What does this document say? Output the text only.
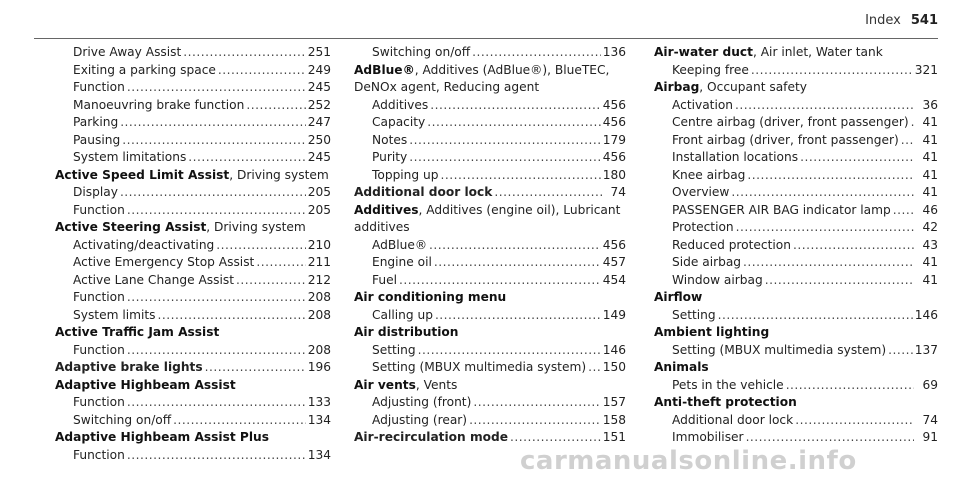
Index 541
Drive Away Assist .....	251
Exiting a parking space .....	249
Function .....	245
Manoeuvring brake function .....	252
Parking .....	247
Pausing .....	250
System limitations .....	245
Active Speed Limit Assist, Driving system
Display .....	205
Function .....	205
Active Steering Assist, Driving system
Activating/deactivating .....	210
Active Emergency Stop Assist .....	211
Active Lane Change Assist .....	212
Function .....	208
System limits .....	208
Active Traffic Jam Assist
Function .....	208
Adaptive brake lights .....	196
Adaptive Highbeam Assist
Function .....	133
Switching on/off .....	134
Adaptive Highbeam Assist Plus
Function .....	134
Switching on/off .....	136
AdBlue®, Additives (AdBlue®), BlueTEC, DeNOx agent, Reducing agent
Additives .....	456
Capacity .....	456
Notes .....	179
Purity .....	456
Topping up .....	180
Additional door lock .....	74
Additives, Additives (engine oil), Lubricant additives
AdBlue® .....	456
Engine oil .....	457
Fuel .....	454
Air conditioning menu
Calling up .....	149
Air distribution
Setting .....	146
Setting (MBUX multimedia system) ..... 150
Air vents, Vents
Adjusting (front) .....	157
Adjusting (rear) .....	158
Air-recirculation mode .....	151
Air-water duct, Air inlet, Water tank
Keeping free .....	321
Airbag, Occupant safety
Activation .....	36
Centre airbag (driver, front passenger) .....	41
Front airbag (driver, front passenger) .....	41
Installation locations .....	41
Knee airbag .....	41
Overview .....	41
PASSENGER AIR BAG indicator lamp .....	46
Protection .....	42
Reduced protection .....	43
Side airbag .....	41
Window airbag .....	41
Airflow
Setting .....	146
Ambient lighting
Setting (MBUX multimedia system) ..... 137
Animals
Pets in the vehicle .....	69
Anti-theft protection
Additional door lock .....	74
Immobiliser .....	91
carmanualsonline.info
